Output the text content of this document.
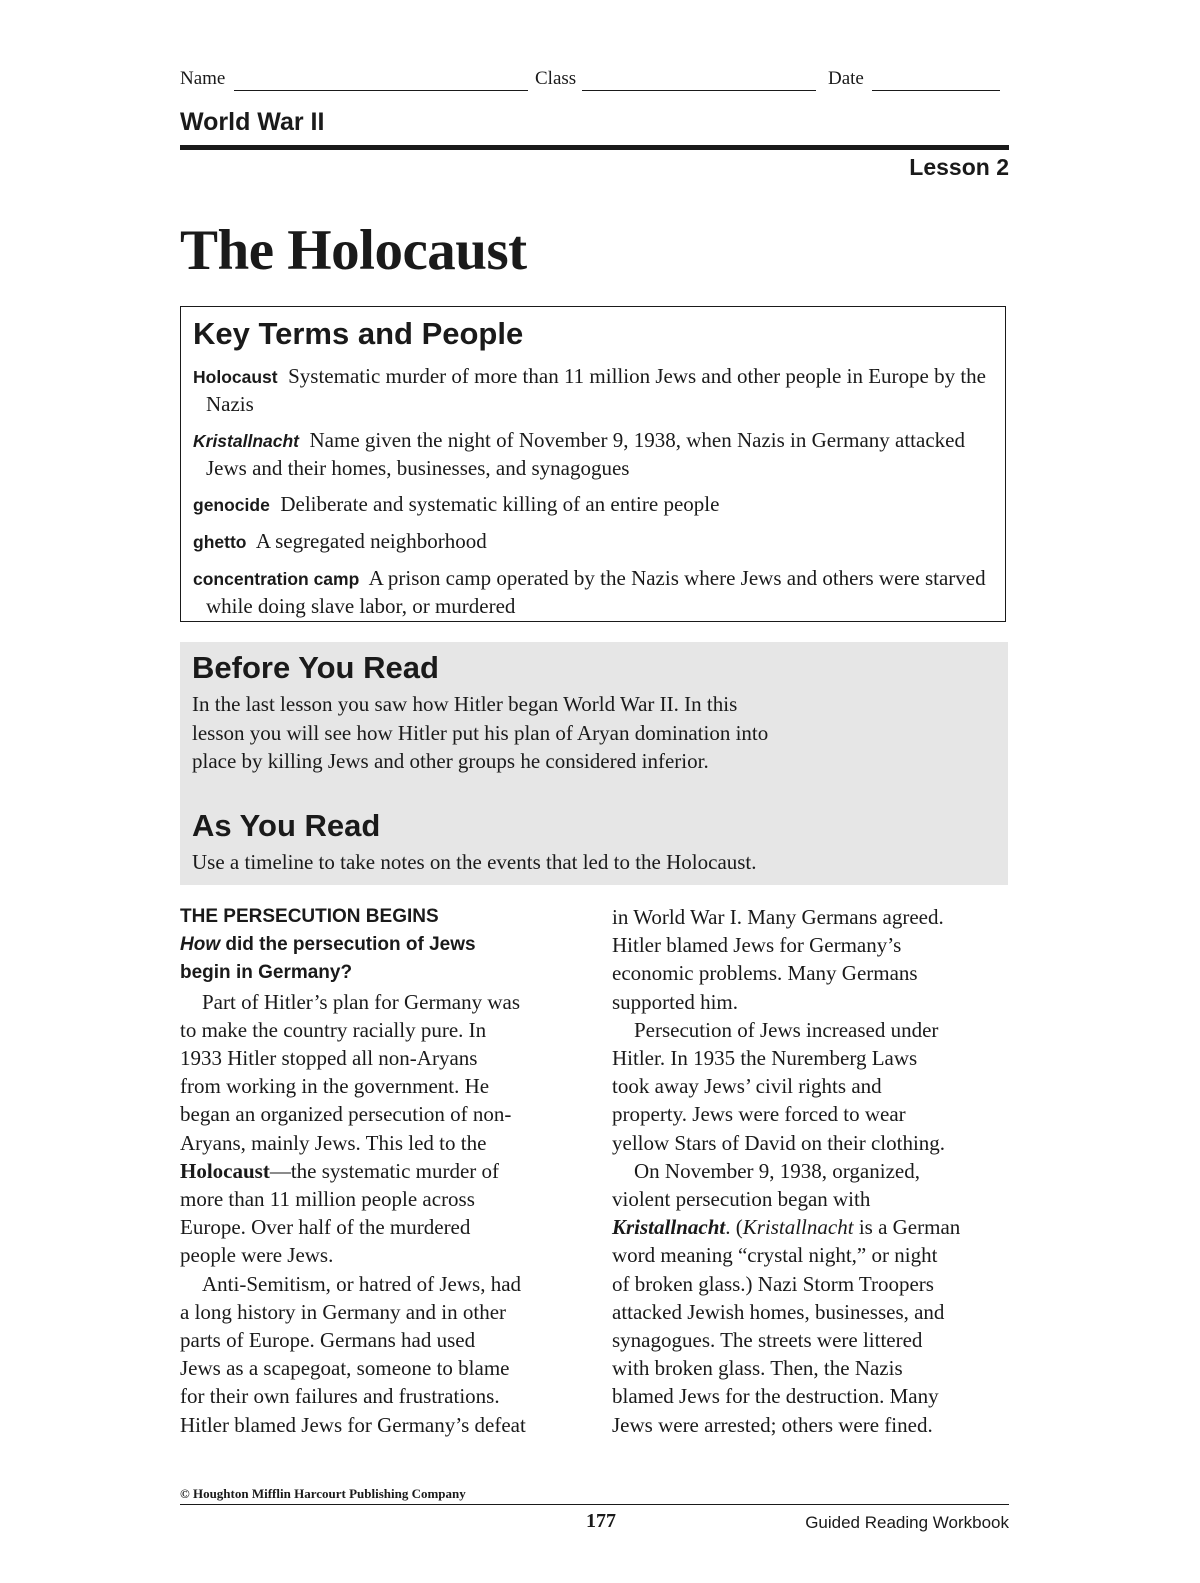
Name	Class	Date
World War II
Lesson 2
The Holocaust
Key Terms and People
Holocaust Systematic murder of more than 11 million Jews and other people in Europe by the Nazis
Kristallnacht Name given the night of November 9, 1938, when Nazis in Germany attacked Jews and their homes, businesses, and synagogues
genocide Deliberate and systematic killing of an entire people
ghetto A segregated neighborhood
concentration camp A prison camp operated by the Nazis where Jews and others were starved while doing slave labor, or murdered
Before You Read

In the last lesson you saw how Hitler began World War II. In this

lesson you will see how Hitler put his plan of Aryan domination into

place by killing Jews and other groups he considered inferior.

As You Read

Use a timeline to take notes on the events that led to the Holocaust.

THE PERSECUTION BEGINS
How did the persecution of Jews
begin in Germany?

Part of Hitler’s plan for Germany was

to make the country racially pure. In

1933 Hitler stopped all non-Aryans

from working in the government. He

began an organized persecution of non-

Aryans, mainly Jews. This led to the

Holocaust—the systematic murder of

more than 11 million people across

Europe. Over half of the murdered

people were Jews.

Anti-Semitism, or hatred of Jews, had

a long history in Germany and in other

parts of Europe. Germans had used

Jews as a scapegoat, someone to blame

for their own failures and frustrations.

Hitler blamed Jews for Germany’s defeat

in World War I. Many Germans agreed.

Hitler blamed Jews for Germany’s

economic problems. Many Germans

supported him.

Persecution of Jews increased under

Hitler. In 1935 the Nuremberg Laws

took away Jews’ civil rights and

property. Jews were forced to wear

yellow Stars of David on their clothing.

On November 9, 1938, organized,

violent persecution began with

Kristallnacht. (Kristallnacht is a German

word meaning “crystal night,” or night

of broken glass.) Nazi Storm Troopers

attacked Jewish homes, businesses, and

synagogues. The streets were littered

with broken glass. Then, the Nazis

blamed Jews for the destruction. Many

Jews were arrested; others were fined.

© Houghton Mifflin Harcourt Publishing Company
177	Guided Reading Workbook
